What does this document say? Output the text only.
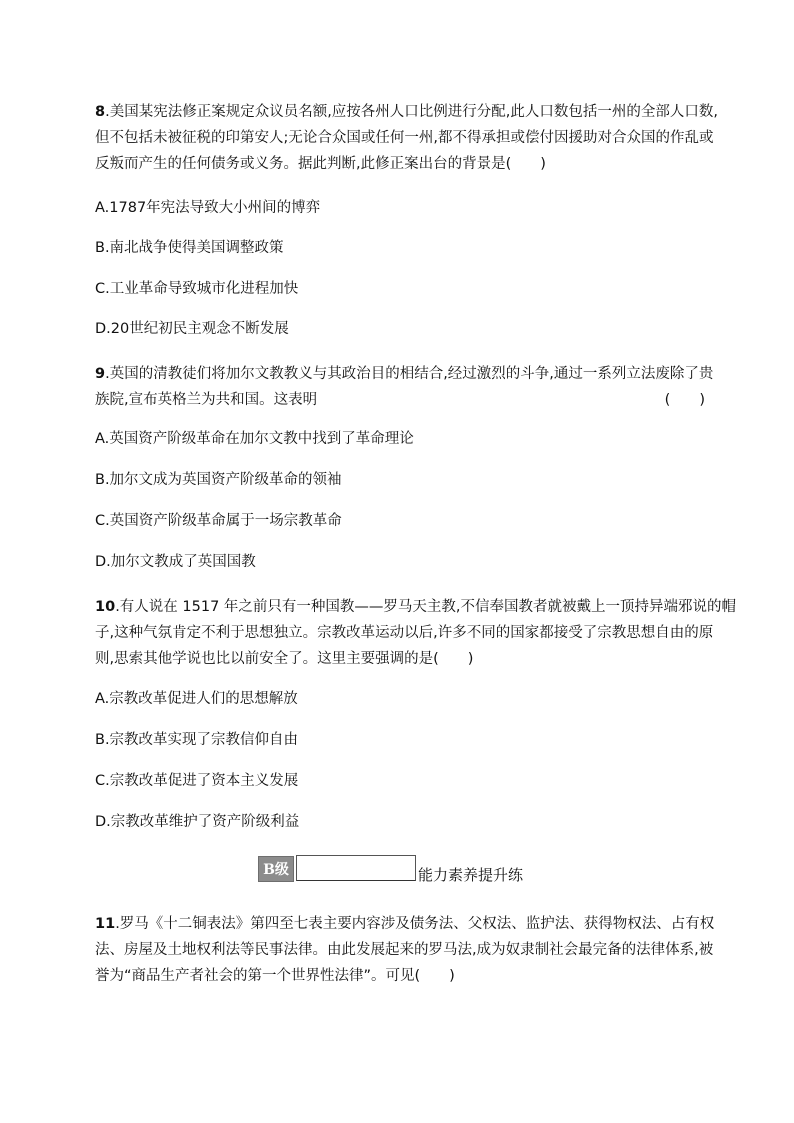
8.美国某宪法修正案规定众议员名额,应按各州人口比例进行分配,此人口数包括一州的全部人口数,
但不包括未被征税的印第安人;无论合众国或任何一州,都不得承担或偿付因援助对合众国的作乱或
反叛而产生的任何债务或义务。据此判断,此修正案出台的背景是(　　)
A.1787年宪法导致大小州间的博弈
B.南北战争使得美国调整政策
C.工业革命导致城市化进程加快
D.20世纪初民主观念不断发展
9.英国的清教徒们将加尔文教教义与其政治目的相结合,经过激烈的斗争,通过一系列立法废除了贵
族院,宣布英格兰为共和国。这表明	(　　)
A.英国资产阶级革命在加尔文教中找到了革命理论
B.加尔文成为英国资产阶级革命的领袖
C.英国资产阶级革命属于一场宗教革命
D.加尔文教成了英国国教
10.有人说在 1517 年之前只有一种国教——罗马天主教,不信奉国教者就被戴上一顶持异端邪说的帽
子,这种气氛肯定不利于思想独立。宗教改革运动以后,许多不同的国家都接受了宗教思想自由的原
则,思索其他学说也比以前安全了。这里主要强调的是(　　)
A.宗教改革促进人们的思想解放
B.宗教改革实现了宗教信仰自由
C.宗教改革促进了资本主义发展
D.宗教改革维护了资产阶级利益
B级	能力素养提升练
11.罗马《十二铜表法》第四至七表主要内容涉及债务法、父权法、监护法、获得物权法、占有权
法、房屋及土地权利法等民事法律。由此发展起来的罗马法,成为奴隶制社会最完备的法律体系,被
誉为“商品生产者社会的第一个世界性法律”。可见(　　)
